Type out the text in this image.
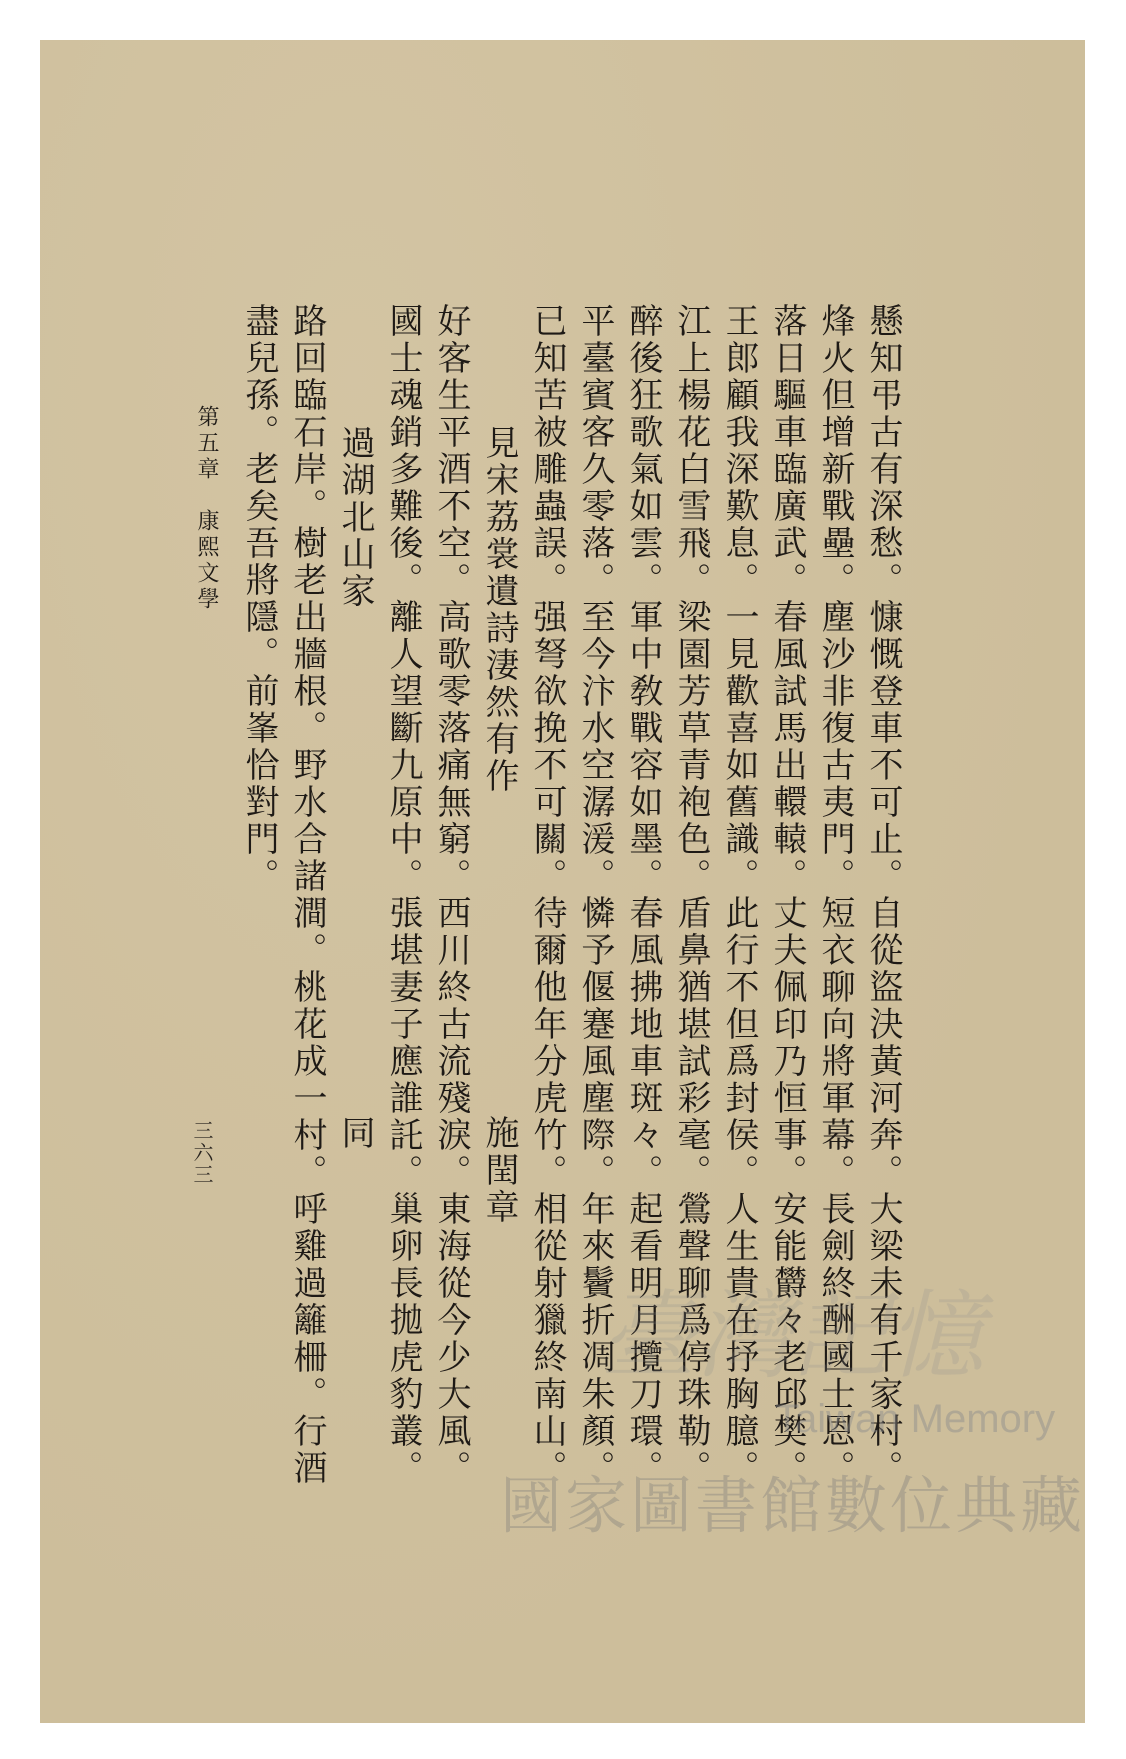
懸知弔古有深愁。慷慨登車不可止。自從盜決黃河奔。大梁未有千家村。
烽火但增新戰壘。塵沙非復古夷門。短衣聊向將軍幕。長劍終酬國士恩。
落日驅車臨廣武。春風試馬出轘轅。丈夫佩印乃恒事。安能欝々老邱樊。
王郎顧我深歎息。一見歡喜如舊識。此行不但爲封侯。人生貴在抒胸臆。
江上楊花白雪飛。梁園芳草青袍色。盾鼻猶堪試彩毫。鶯聲聊爲停珠勒。
醉後狂歌氣如雲。軍中敎戰容如墨。春風拂地車斑々。起看明月攬刀環。
平臺賓客久零落。至今汴水空潺湲。憐予偃蹇風塵際。年來鬢折凋朱顏。
已知苦被雕蟲誤。强弩欲挽不可關。待爾他年分虎竹。相從射獵終南山。
見宋荔裳遺詩淒然有作
施閏章
好客生平酒不空。高歌零落痛無窮。西川終古流殘淚。東海從今少大風。
國士魂銷多難後。離人望斷九原中。張堪妻子應誰託。巢卵長拋虎豹叢。
過湖北山家
同
路回臨石岸。樹老出牆根。野水合諸澗。桃花成一村。呼雞過籬柵。行酒
盡兒孫。老矣吾將隱。前峯恰對門。
第五章　康熙文學
三六三
臺灣記憶
Taiwan Memory
國家圖書館數位典藏
